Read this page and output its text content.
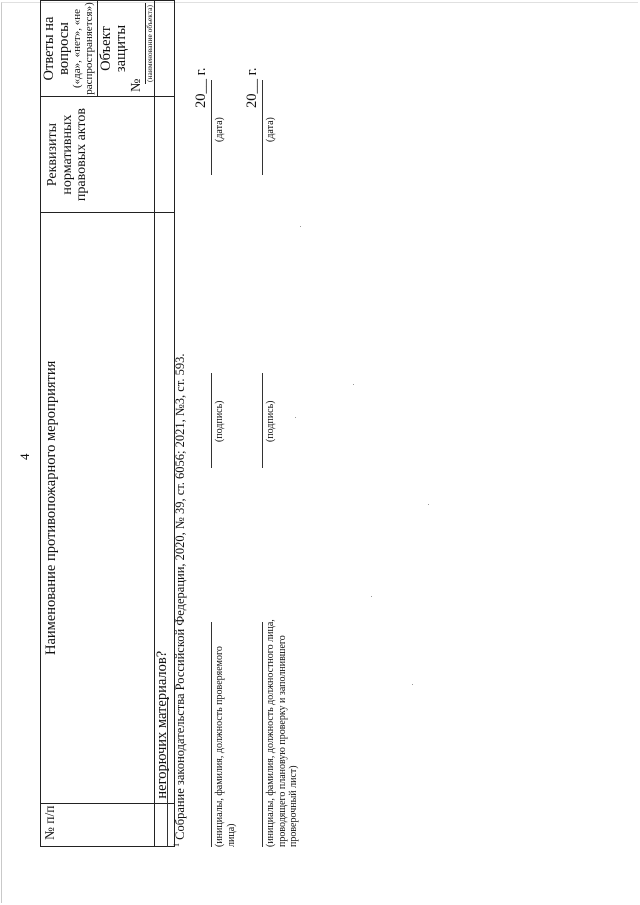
4
№ п/п	Наименование противопожарного мероприятия	Реквизиты нормативных правовых актов	Ответы на вопросы («да», «нет», «не распространяется») Объект защиты
№
(наименование объекта)

	негорючих материалов?		
$^1$ Собрание законодательства Российской Федерации, 2020, № 39, ст. 6056; 2021, №3, ст. 593.	(инициалы, фамилия, должность проверяемого лица)
(подпись)
(дата)
20__ г.
(инициалы, фамилия, должность должностного лица, проводящего плановую проверку и заполнившего проверочный лист)
(подпись)
(дата)
20__ г.
